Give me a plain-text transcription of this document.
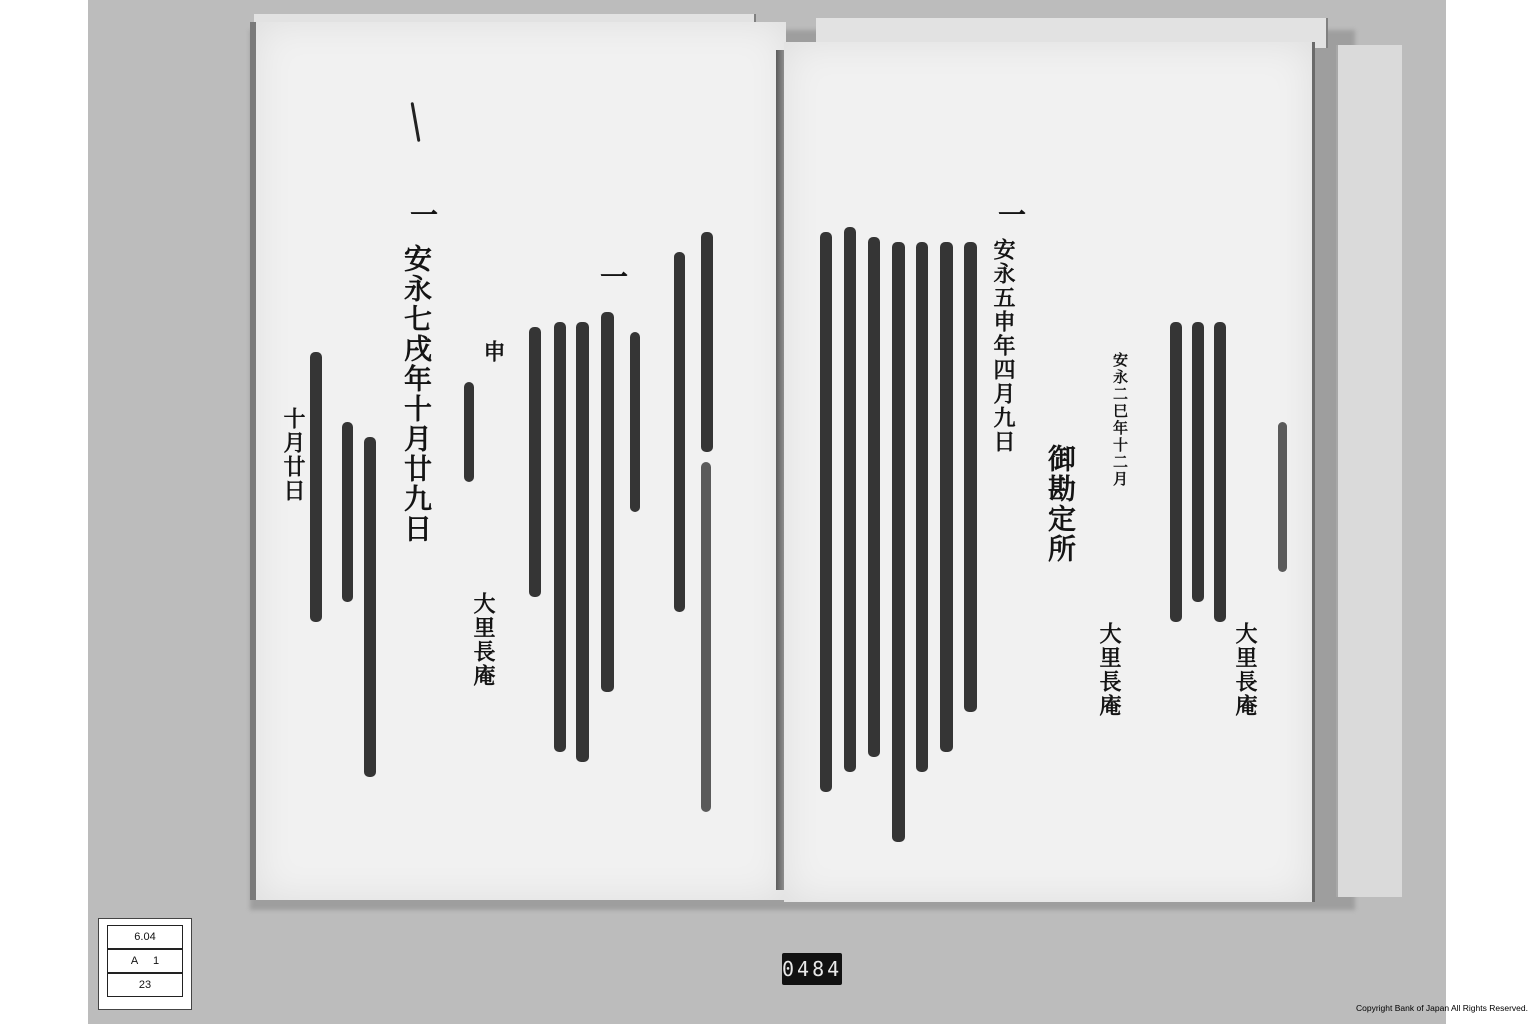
一
大里長庵
申
一
安永七戌年十月廿九日
十月廿日
大里長庵
安永二巳年十二月
大里長庵
御勘定所
一
安永五申年四月九日
6.04
A 1
23
0484
Copyright Bank of Japan All Rights Reserved.
